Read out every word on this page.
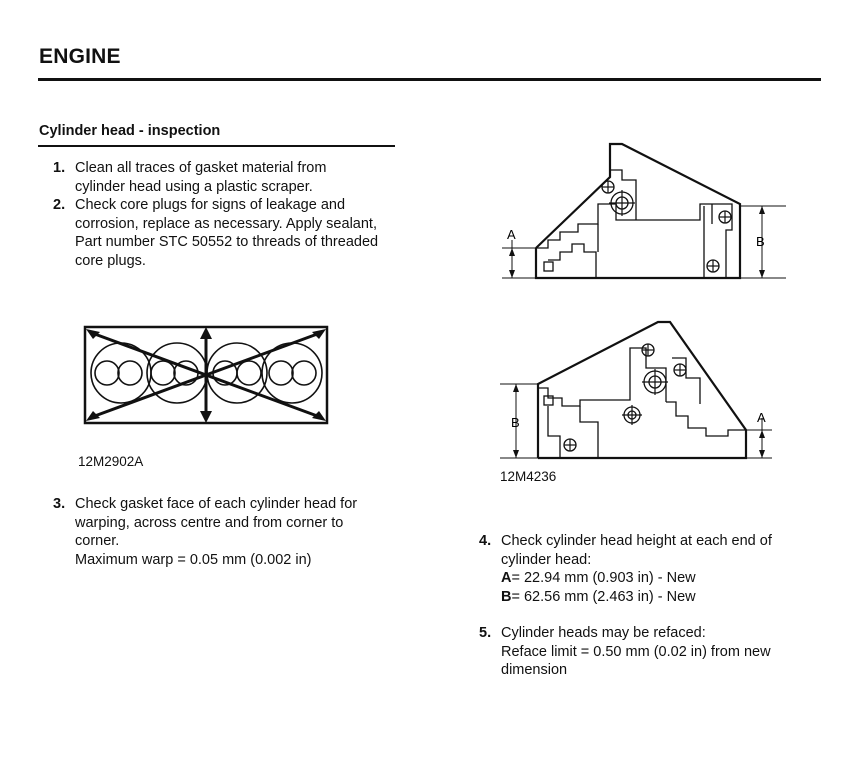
ENGINE
Cylinder head - inspection
1. Clean all traces of gasket material from
cylinder head using a plastic scraper.
2. Check core plugs for signs of leakage and
corrosion, replace as necessary. Apply sealant,
Part number STC 50552 to threads of threaded
core plugs.
12M2902A
3. Check gasket face of each cylinder head for
warping, across centre and from corner to
corner.
Maximum warp = 0.05 mm (0.002 in)
A	B
B	A
12M4236
4. Check cylinder head height at each end of
cylinder head:
A= 22.94 mm (0.903 in) - New
B= 62.56 mm (2.463 in) - New
5. Cylinder heads may be refaced:
Reface limit = 0.50 mm (0.02 in) from new
dimension
